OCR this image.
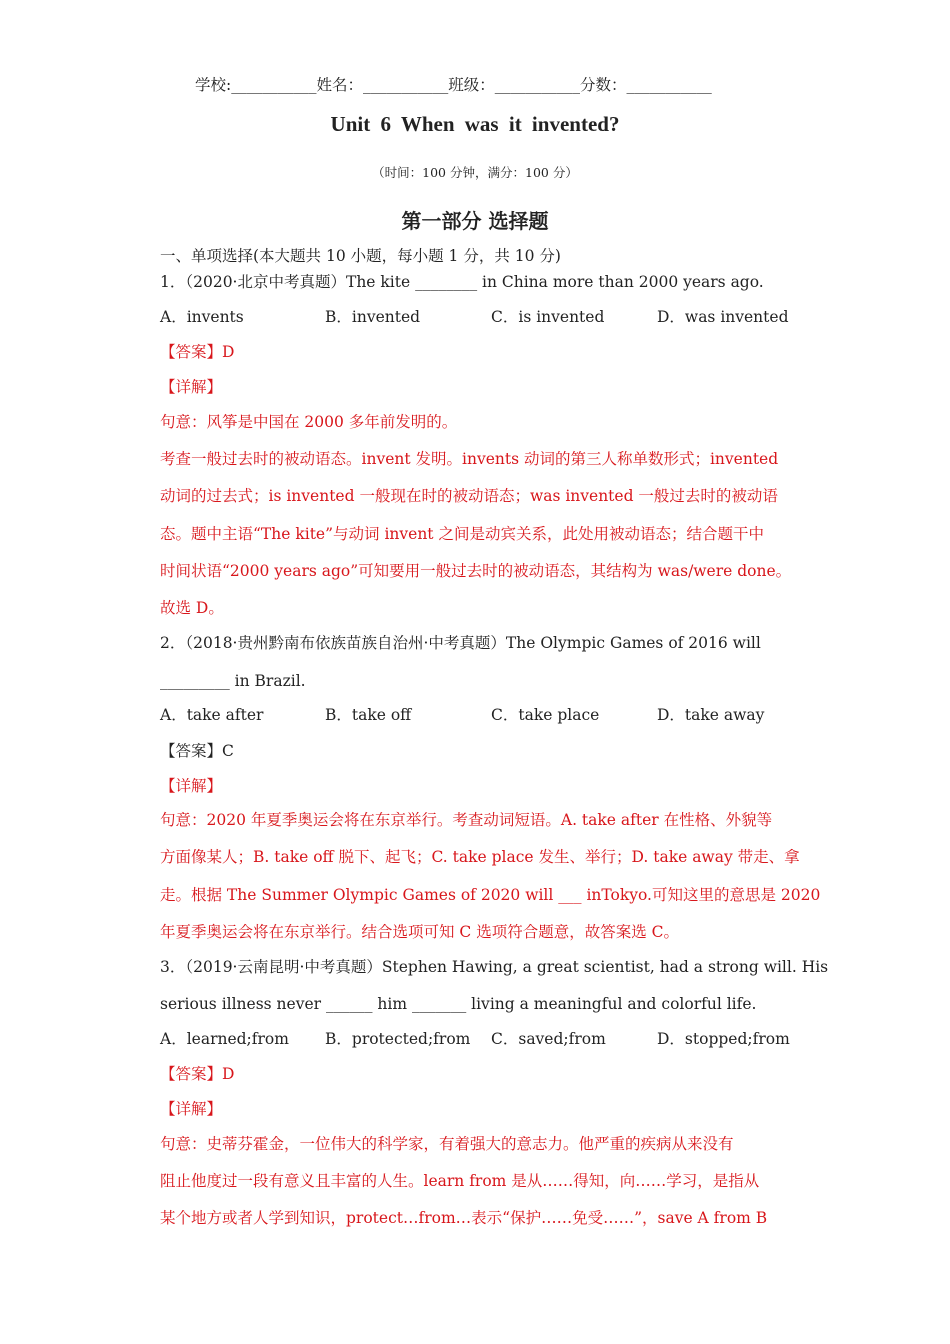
学校:___________姓名：___________班级：___________分数：___________
Unit 6 When was it invented?
（时间：100 分钟，满分：100 分）
第一部分 选择题
一、单项选择(本大题共 10 小题，每小题 1 分，共 10 分)
1．（2020·北京中考真题）The kite ________ in China more than 2000 years ago.
A．invents	B．invented	C．is invented	D．was invented
【答案】D
【详解】
句意：风筝是中国在 2000 多年前发明的。
考查一般过去时的被动语态。invent 发明。invents 动词的第三人称单数形式；invented
动词的过去式；is invented 一般现在时的被动语态；was invented 一般过去时的被动语
态。题中主语“The kite”与动词 invent 之间是动宾关系，此处用被动语态；结合题干中
时间状语“2000 years ago”可知要用一般过去时的被动语态，其结构为 was/were done。
故选 D。
2．（2018·贵州黔南布依族苗族自治州·中考真题）The Olympic Games of 2016 will
_________ in Brazil.
A．take after	B．take off	C．take place	D．take away
【答案】C
【详解】
句意：2020 年夏季奥运会将在东京举行。考查动词短语。A. take after 在性格、外貌等
方面像某人；B. take off 脱下、起飞；C. take place 发生、举行；D. take away 带走、拿
走。根据 The Summer Olympic Games of 2020 will ___ inTokyo.可知这里的意思是 2020
年夏季奥运会将在东京举行。结合选项可知 C 选项符合题意，故答案选 C。
3．（2019·云南昆明·中考真题）Stephen Hawing, a great scientist, had a strong will. His
serious illness never ______ him _______ living a meaningful and colorful life.
A．learned;from B．protected;from C．saved;from	D．stopped;from
【答案】D
【详解】
句意：史蒂芬霍金，一位伟大的科学家，有着强大的意志力。他严重的疾病从来没有
阻止他度过一段有意义且丰富的人生。learn from 是从……得知，向……学习，是指从
某个地方或者人学到知识，protect…from…表示“保护……免受……”，save A from B
